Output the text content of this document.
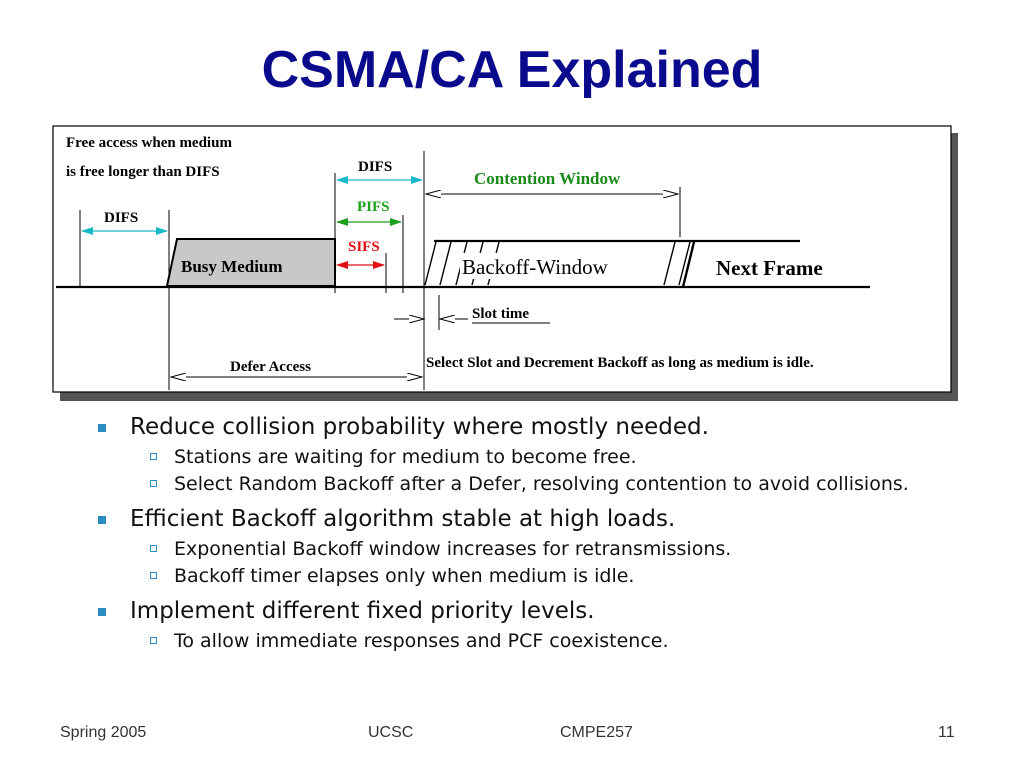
CSMA/CA Explained
Free access when medium
is free longer than DIFS
DIFS
DIFS
PIFS
SIFS
Contention Window
Busy Medium	Backoff-Window	Next Frame
Slot time
Defer Access	Select Slot and Decrement Backoff as long as medium is idle.
Reduce collision probability where mostly needed.
Stations are waiting for medium to become free.
Select Random Backoff after a Defer, resolving contention to avoid collisions.
Efficient Backoff algorithm stable at high loads.
Exponential Backoff window increases for retransmissions.
Backoff timer elapses only when medium is idle.
Implement different fixed priority levels.
To allow immediate responses and PCF coexistence.
Spring 2005	UCSC	CMPE257	11
